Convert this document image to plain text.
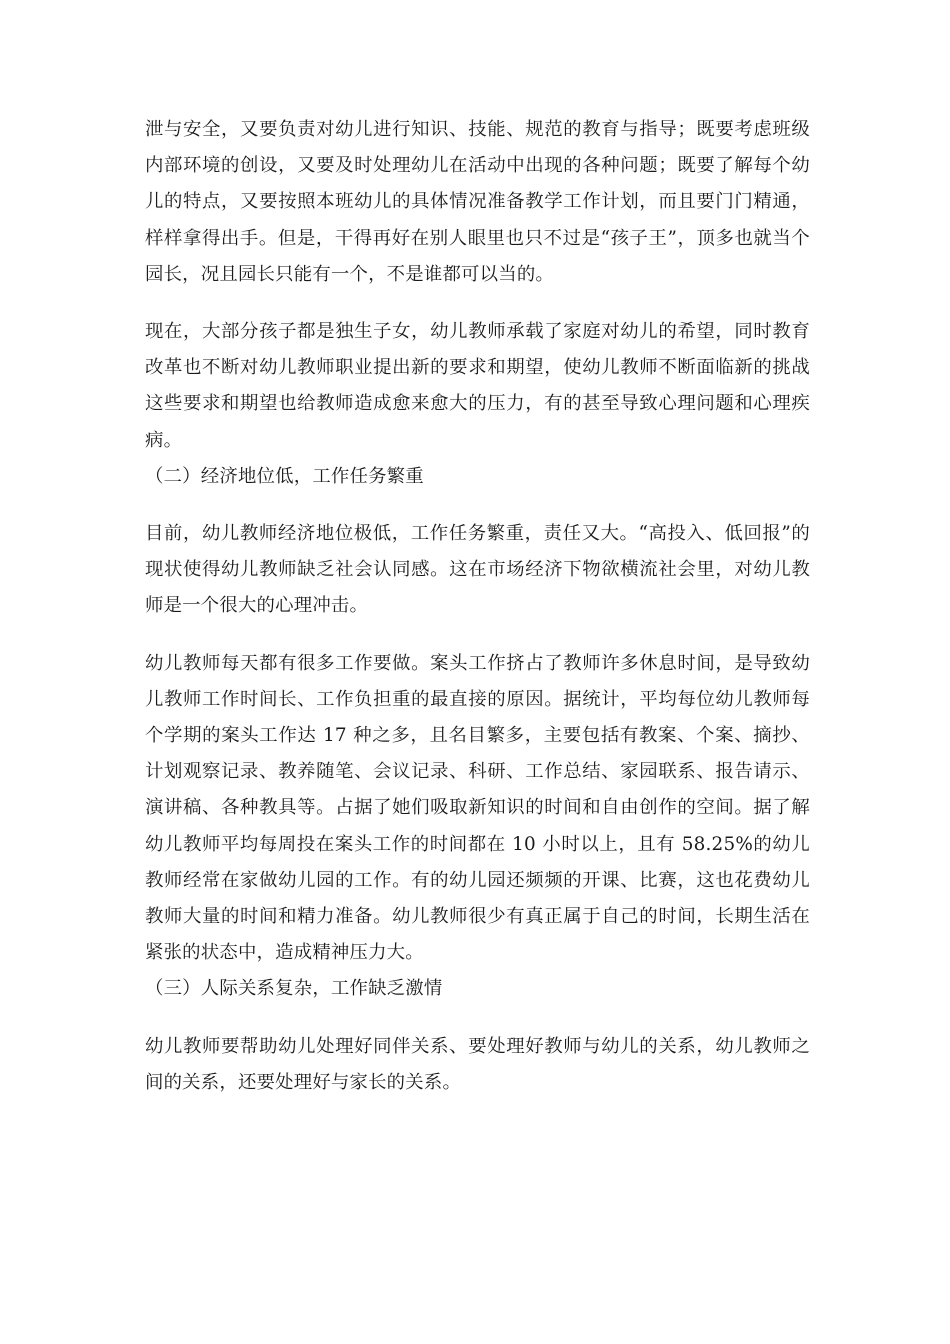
泄与安全，又要负责对幼儿进行知识、技能、规范的教育与指导；既要考虑班级内部环境的创设，又要及时处理幼儿在活动中出现的各种问题；既要了解每个幼儿的特点，又要按照本班幼儿的具体情况准备教学工作计划，而且要门门精通，样样拿得出手。但是，干得再好在别人眼里也只不过是“孩子王”，顶多也就当个园长，况且园长只能有一个，不是谁都可以当的。

现在，大部分孩子都是独生子女，幼儿教师承载了家庭对幼儿的希望，同时教育改革也不断对幼儿教师职业提出新的要求和期望，使幼儿教师不断面临新的挑战这些要求和期望也给教师造成愈来愈大的压力，有的甚至导致心理问题和心理疾病。

（二）经济地位低，工作任务繁重

目前，幼儿教师经济地位极低，工作任务繁重，责任又大。“高投入、低回报”的现状使得幼儿教师缺乏社会认同感。这在市场经济下物欲横流社会里，对幼儿教师是一个很大的心理冲击。

幼儿教师每天都有很多工作要做。案头工作挤占了教师许多休息时间，是导致幼儿教师工作时间长、工作负担重的最直接的原因。据统计，平均每位幼儿教师每个学期的案头工作达 17 种之多，且名目繁多，主要包括有教案、个案、摘抄、计划观察记录、教养随笔、会议记录、科研、工作总结、家园联系、报告请示、演讲稿、各种教具等。占据了她们吸取新知识的时间和自由创作的空间。据了解幼儿教师平均每周投在案头工作的时间都在 10 小时以上，且有 58.25%的幼儿教师经常在家做幼儿园的工作。有的幼儿园还频频的开课、比赛，这也花费幼儿教师大量的时间和精力准备。幼儿教师很少有真正属于自己的时间，长期生活在紧张的状态中，造成精神压力大。

（三）人际关系复杂，工作缺乏激情

幼儿教师要帮助幼儿处理好同伴关系、要处理好教师与幼儿的关系，幼儿教师之间的关系，还要处理好与家长的关系。
